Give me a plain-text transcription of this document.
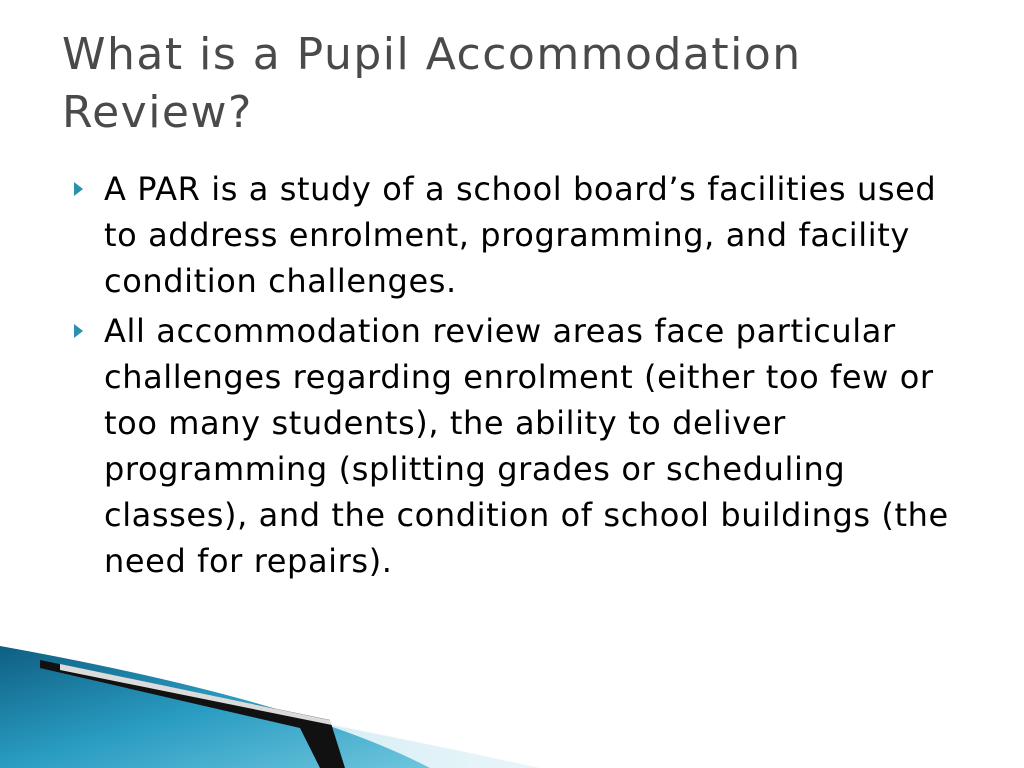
What is a Pupil Accommodation Review?
A PAR is a study of a school board’s facilities used to address enrolment, programming, and facility condition challenges.
All accommodation review areas face particular challenges regarding enrolment (either too few or too many students), the ability to deliver programming (splitting grades or scheduling classes), and the condition of school buildings (the need for repairs).
